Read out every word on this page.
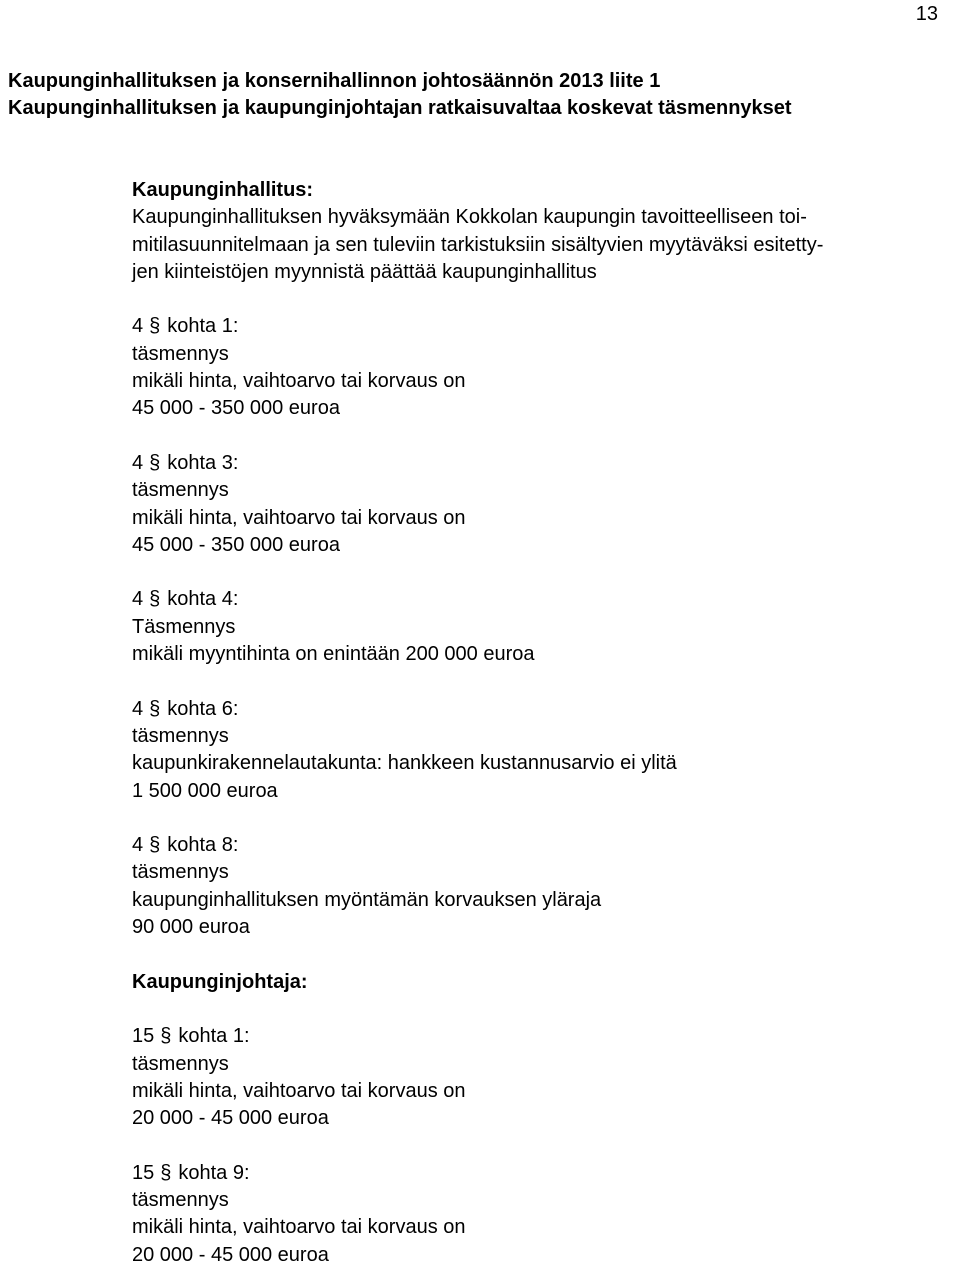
13
Kaupunginhallituksen ja konsernihallinnon johtosäännön 2013 liite 1
Kaupunginhallituksen ja kaupunginjohtajan ratkaisuvaltaa koskevat täsmennykset
Kaupunginhallitus:
Kaupunginhallituksen hyväksymään Kokkolan kaupungin tavoitteelliseen toi-
mitilasuunnitelmaan ja sen tuleviin tarkistuksiin sisältyvien myytäväksi esitetty-
jen kiinteistöjen myynnistä päättää kaupunginhallitus
4 § kohta 1:
täsmennys
mikäli hinta, vaihtoarvo tai korvaus on
45 000 - 350 000 euroa
4 § kohta 3:
täsmennys
mikäli hinta, vaihtoarvo tai korvaus on
45 000 - 350 000 euroa
4 § kohta 4:
Täsmennys
mikäli myyntihinta on enintään 200 000 euroa
4 § kohta 6:
täsmennys
kaupunkirakennelautakunta: hankkeen kustannusarvio ei ylitä
1 500 000 euroa
4 § kohta 8:
täsmennys
kaupunginhallituksen myöntämän korvauksen yläraja
90 000 euroa
Kaupunginjohtaja:
15 § kohta 1:
täsmennys
mikäli hinta, vaihtoarvo tai korvaus on
20 000 - 45 000 euroa
15 § kohta 9:
täsmennys
mikäli hinta, vaihtoarvo tai korvaus on
20 000 - 45 000 euroa
